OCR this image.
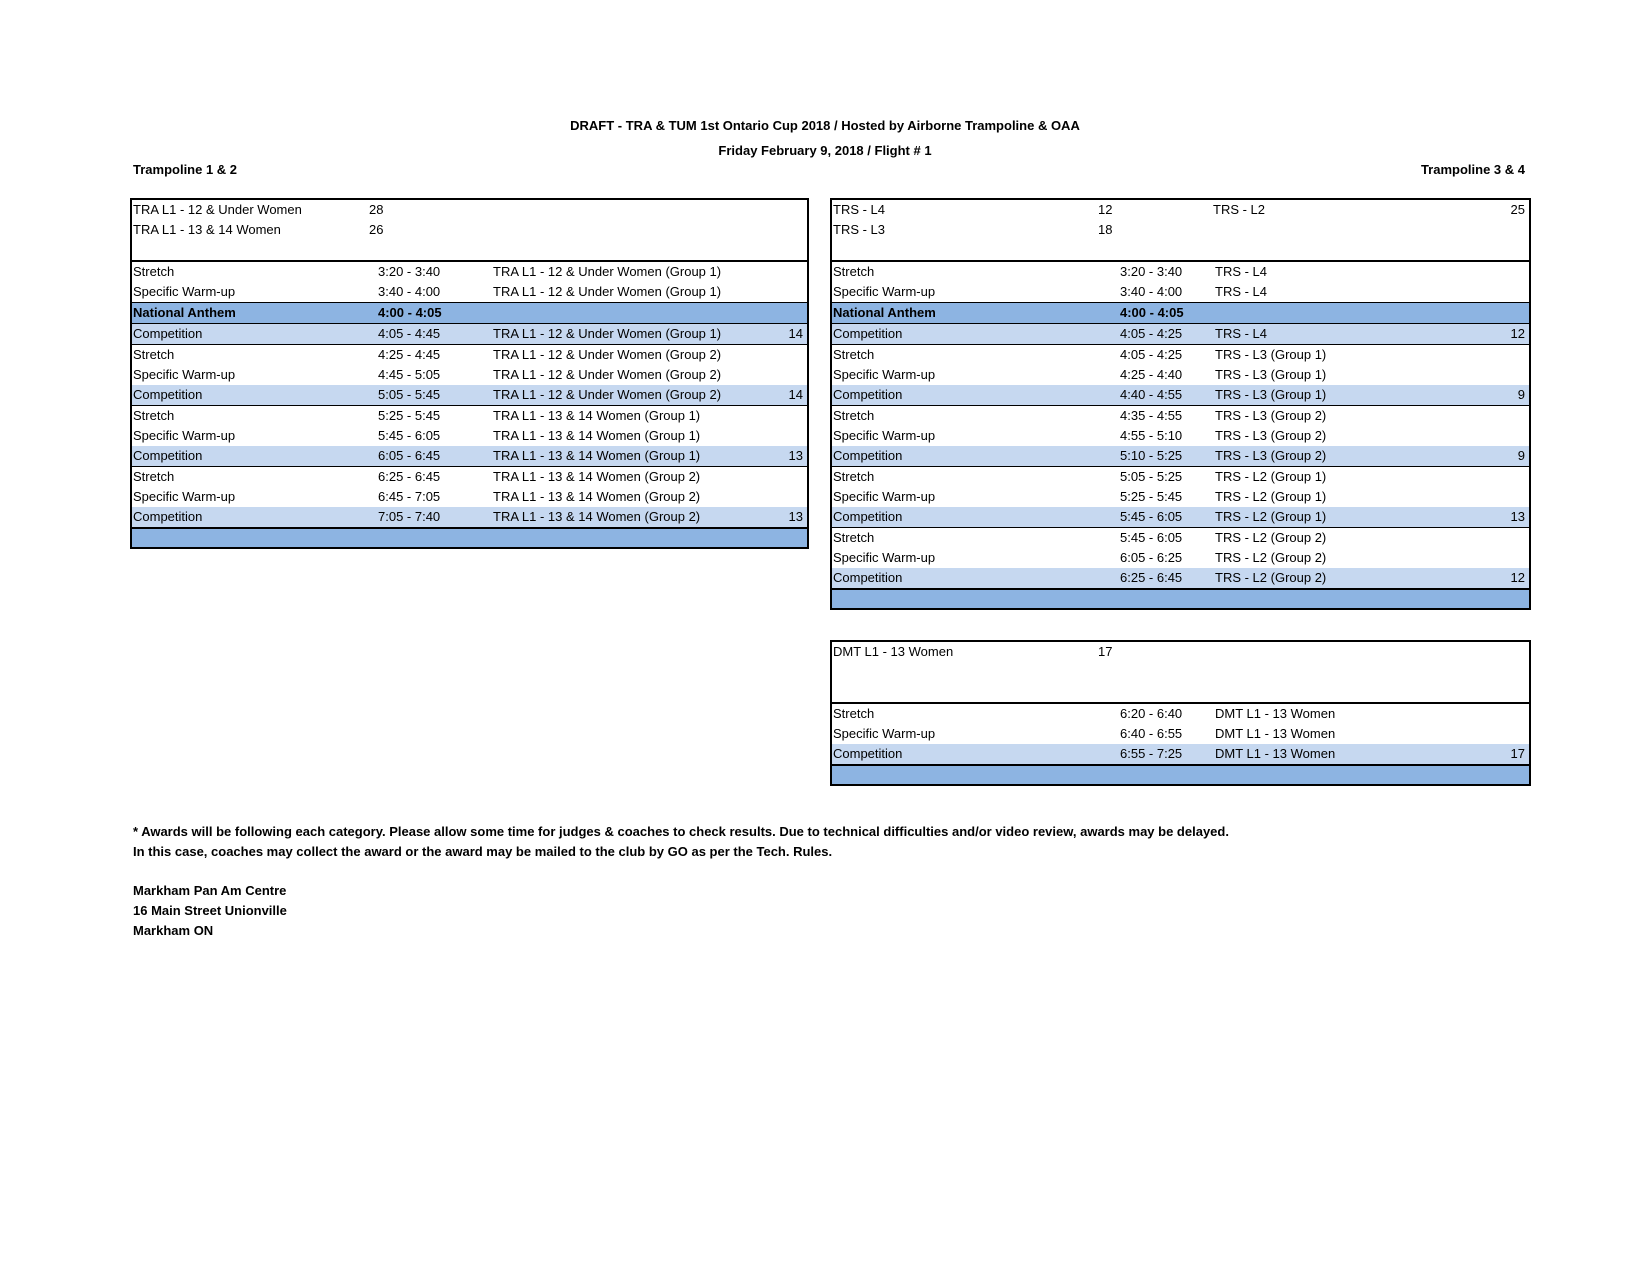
DRAFT - TRA & TUM 1st Ontario Cup 2018 / Hosted by Airborne Trampoline & OAA
Friday February 9, 2018 / Flight # 1
Trampoline 1 & 2	Trampoline 3 & 4
TRA L1 - 12 & Under Women	28
TRA L1 - 13 & 14 Women	26
Stretch	3:20 - 3:40	TRA L1 - 12 & Under Women (Group 1)
Specific Warm-up	3:40 - 4:00	TRA L1 - 12 & Under Women (Group 1)
National Anthem	4:00 - 4:05
Competition	4:05 - 4:45	TRA L1 - 12 & Under Women (Group 1)	14
Stretch	4:25 - 4:45	TRA L1 - 12 & Under Women (Group 2)
Specific Warm-up	4:45 - 5:05	TRA L1 - 12 & Under Women (Group 2)
Competition	5:05 - 5:45	TRA L1 - 12 & Under Women (Group 2)	14
Stretch	5:25 - 5:45	TRA L1 - 13 & 14 Women (Group 1)
Specific Warm-up	5:45 - 6:05	TRA L1 - 13 & 14 Women (Group 1)
Competition	6:05 - 6:45	TRA L1 - 13 & 14 Women (Group 1)	13
Stretch	6:25 - 6:45	TRA L1 - 13 & 14 Women (Group 2)
Specific Warm-up	6:45 - 7:05	TRA L1 - 13 & 14 Women (Group 2)
Competition	7:05 - 7:40	TRA L1 - 13 & 14 Women (Group 2)	13
TRS - L4	12	TRS - L2	25
TRS - L3	18
Stretch	3:20 - 3:40	TRS - L4
Specific Warm-up	3:40 - 4:00	TRS - L4
National Anthem	4:00 - 4:05
Competition	4:05 - 4:25	TRS - L4	12
Stretch	4:05 - 4:25	TRS - L3 (Group 1)
Specific Warm-up	4:25 - 4:40	TRS - L3 (Group 1)
Competition	4:40 - 4:55	TRS - L3 (Group 1)	9
Stretch	4:35 - 4:55	TRS - L3 (Group 2)
Specific Warm-up	4:55 - 5:10	TRS - L3 (Group 2)
Competition	5:10 - 5:25	TRS - L3 (Group 2)	9
Stretch	5:05 - 5:25	TRS - L2 (Group 1)
Specific Warm-up	5:25 - 5:45	TRS - L2 (Group 1)
Competition	5:45 - 6:05	TRS - L2 (Group 1)	13
Stretch	5:45 - 6:05	TRS - L2 (Group 2)
Specific Warm-up	6:05 - 6:25	TRS - L2 (Group 2)
Competition	6:25 - 6:45	TRS - L2 (Group 2)	12
DMT L1 - 13 Women	17
Stretch	6:20 - 6:40	DMT L1 - 13 Women
Specific Warm-up	6:40 - 6:55	DMT L1 - 13 Women
Competition	6:55 - 7:25	DMT L1 - 13 Women	17
* Awards will be following each category. Please allow some time for judges & coaches to check results. Due to technical difficulties and/or video review, awards may be delayed.
In this case, coaches may collect the award or the award may be mailed to the club by GO as per the Tech. Rules.
Markham Pan Am Centre
16 Main Street Unionville
Markham ON
